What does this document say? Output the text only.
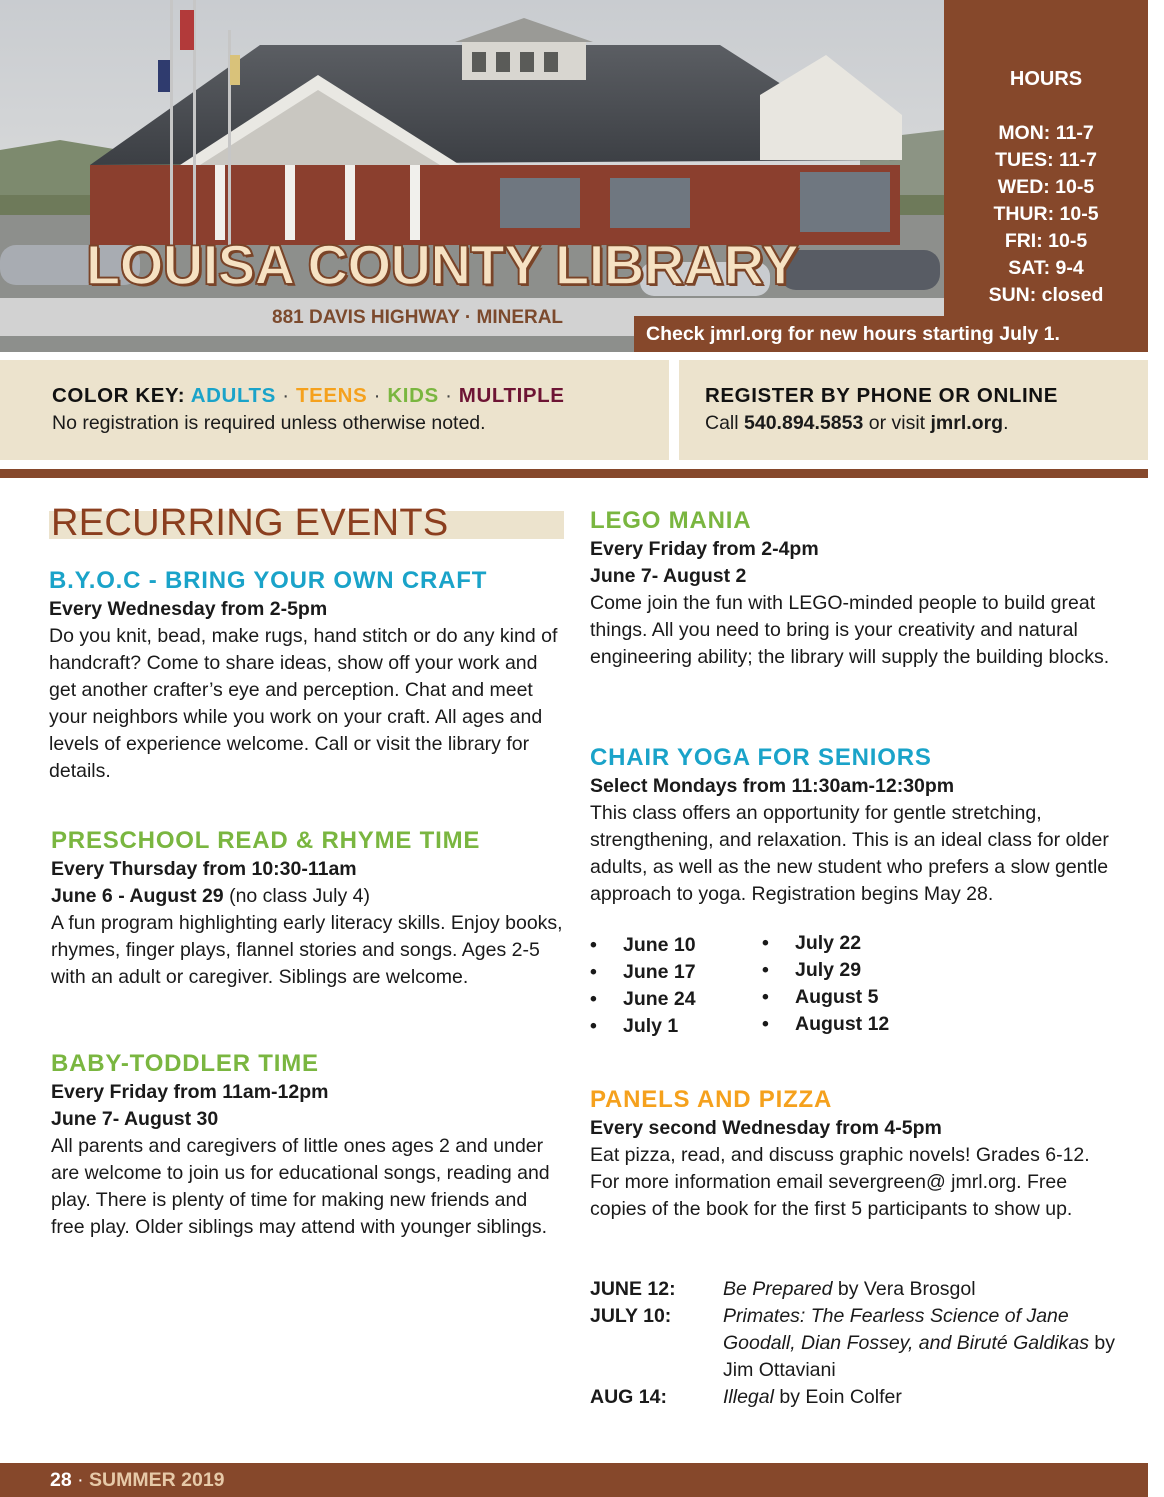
LOUISA COUNTY LIBRARY
881 DAVIS HIGHWAY · MINERAL
HOURS
MON: 11-7
TUES: 11-7
WED: 10-5
THUR: 10-5
FRI: 10-5
SAT: 9-4
SUN: closed
Check jmrl.org for new hours starting July 1.
COLOR KEY: ADULTS · TEENS · KIDS · MULTIPLE
No registration is required unless otherwise noted.
REGISTER BY PHONE OR ONLINE
Call 540.894.5853 or visit jmrl.org.
RECURRING EVENTS
B.Y.O.C - BRING YOUR OWN CRAFT
Every Wednesday from 2-5pm

Do you knit, bead, make rugs, hand stitch or do any kind of handcraft? Come to share ideas, show off your work and get another crafter’s eye and perception. Chat and meet your neighbors while you work on your craft. All ages and levels of experience welcome. Call or visit the library for details.

PRESCHOOL READ & RHYME TIME
Every Thursday from 10:30-11am
June 6 - August 29 (no class July 4)

A fun program highlighting early literacy skills. Enjoy books, rhymes, finger plays, flannel stories and songs. Ages 2-5 with an adult or caregiver. Siblings are welcome.

BABY-TODDLER TIME
Every Friday from 11am-12pm
June 7- August 30

All parents and caregivers of little ones ages 2 and under are welcome to join us for educational songs, reading and play. There is plenty of time for making new friends and free play. Older siblings may attend with younger siblings.

LEGO MANIA
Every Friday from 2-4pm
June 7- August 2

Come join the fun with LEGO-minded people to build great things. All you need to bring is your creativity and natural engineering ability; the library will supply the building blocks.

CHAIR YOGA FOR SENIORS
Select Mondays from 11:30am-12:30pm

This class offers an opportunity for gentle stretching, strengthening, and relaxation. This is an ideal class for older adults, as well as the new student who prefers a slow gentle approach to yoga. Registration begins May 28.

• June 10
• June 17
• June 24
• July 1
• July 22
• July 29
• August 5
• August 12
PANELS AND PIZZA
Every second Wednesday from 4-5pm

Eat pizza, read, and discuss graphic novels! Grades 6-12. For more information email severgreen@ jmrl.org. Free copies of the book for the first 5 participants to show up.

JUNE 12:	Be Prepared by Vera Brosgol
JULY 10:	Primates: The Fearless Science of Jane Goodall, Dian Fossey, and Biruté Galdikas by Jim Ottaviani
AUG 14:	Illegal by Eoin Colfer
28 · SUMMER 2019
